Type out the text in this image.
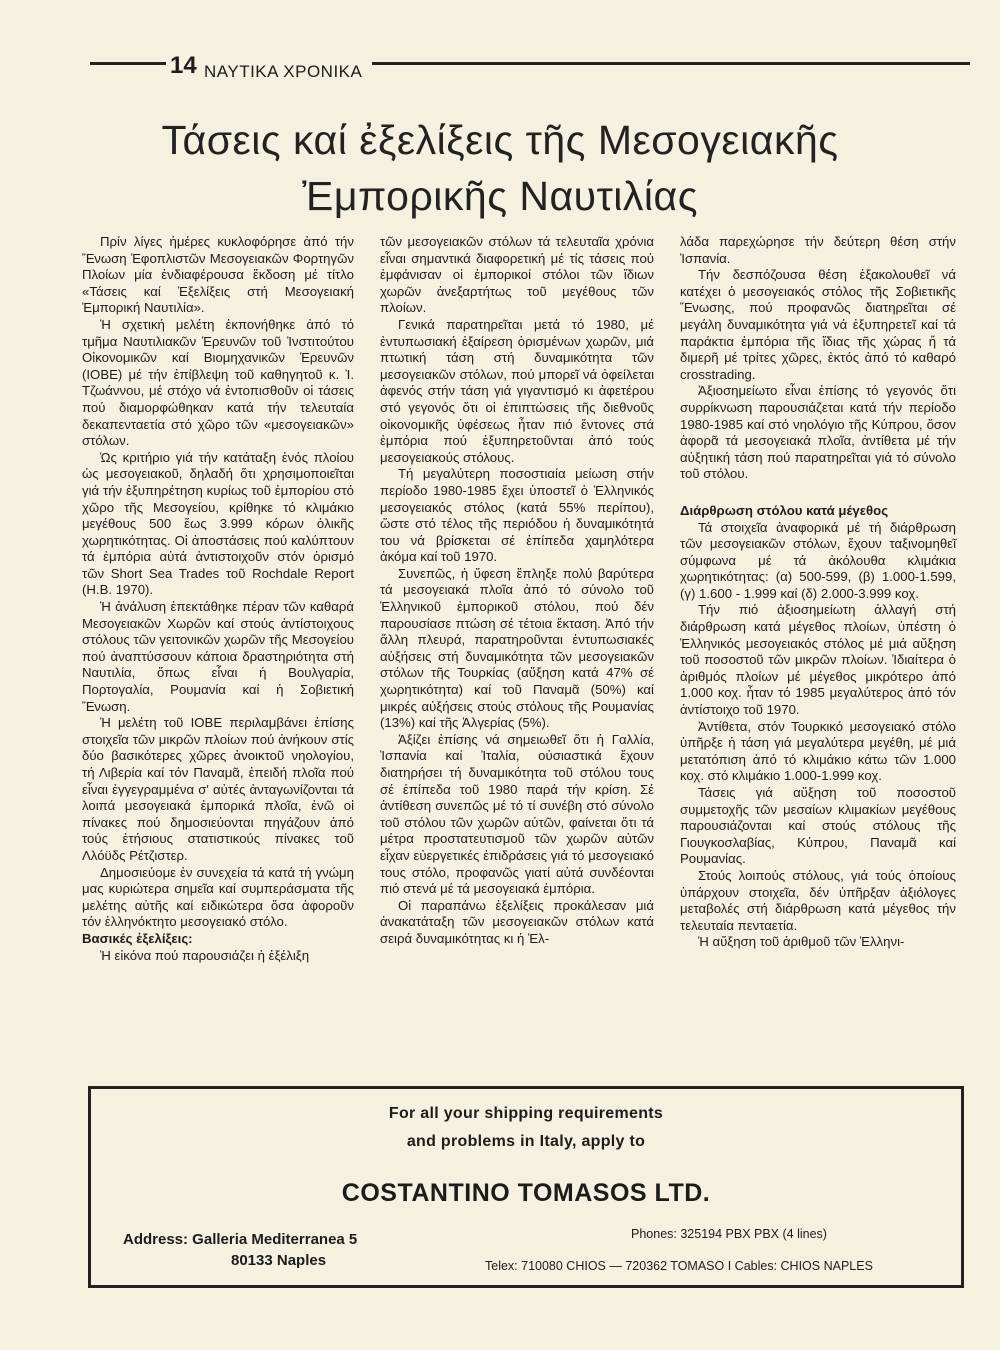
14 ΝΑΥΤΙΚΑ ΧΡΟΝΙΚΑ
Τάσεις καί ἐξελίξεις τῆς Μεσογειακῆς
Ἐμπορικῆς Ναυτιλίας

Πρίν λίγες ἡμέρες κυκλοφόρησε ἀπό τήν Ἕνωση Ἐφοπλιστῶν Μεσογειακῶν Φορτηγῶν Πλοίων μία ἐνδιαφέρουσα ἔκδοση μέ τίτλο «Τάσεις καί Ἐξελίξεις στή Μεσογειακή Ἐμπορική Ναυτιλία».

Ἡ σχετική μελέτη ἐκπονήθηκε ἀπό τό τμῆμα Ναυτιλιακῶν Ἐρευνῶν τοῦ Ἰνστιτούτου Οἰκονομικῶν καί Βιομηχανικῶν Ἐρευνῶν (ΙΟΒΕ) μέ τήν ἐπίβλεψη τοῦ καθηγητοῦ κ. Ἰ. Τζωάννου, μέ στόχο νά ἐντοπισθοῦν οἱ τάσεις πού διαμορφώθηκαν κατά τήν τελευταία δεκαπενταετία στό χῶρο τῶν «μεσογειακῶν» στόλων.

Ὡς κριτήριο γιά τήν κατάταξη ἑνός πλοίου ὡς μεσογειακοῦ, δηλαδή ὅτι χρησιμοποιεῖται γιά τήν ἐξυπηρέτηση κυρίως τοῦ ἐμπορίου στό χῶρο τῆς Μεσογείου, κρίθηκε τό κλιμάκιο μεγέθους 500 ἕως 3.999 κόρων ὁλικῆς χωρητικότητας. Οἱ ἀποστάσεις πού καλύπτουν τά ἐμπόρια αὐτά ἀντιστοιχοῦν στόν ὁρισμό τῶν Short Sea Trades τοῦ Rochdale Report (H.B. 1970).

Ἡ ἀνάλυση ἐπεκτάθηκε πέραν τῶν καθαρά Μεσογειακῶν Χωρῶν καί στούς ἀντίστοιχους στόλους τῶν γειτονικῶν χωρῶν τῆς Μεσογείου πού ἀναπτύσσουν κάποια δραστηριότητα στή Ναυτιλία, ὅπως εἶναι ἡ Βουλγαρία, Πορτογαλία, Ρουμανία καί ἡ Σοβιετική Ἕνωση.

Ἡ μελέτη τοῦ ΙΟΒΕ περιλαμβάνει ἐπίσης στοιχεῖα τῶν μικρῶν πλοίων πού ἀνήκουν στίς δύο βασικότερες χῶρες ἀνοικτοῦ νηολογίου, τή Λιβερία καί τόν Παναμᾶ, ἐπειδή πλοῖα πού εἶναι ἐγγεγραμμένα σ' αὐτές ἀνταγωνίζονται τά λοιπά μεσογειακά ἐμπορικά πλοῖα, ἐνῶ οἱ πίνακες πού δημοσιεύονται πηγάζουν ἀπό τούς ἐτήσιους στατιστικούς πίνακες τοῦ Λλόϋδς Ρέτζιστερ.

Δημοσιεύομε ἐν συνεχεία τά κατά τή γνώμη μας κυριώτερα σημεῖα καί συμπεράσματα τῆς μελέτης αὐτῆς καί ειδικώτερα ὅσα ἀφοροῦν τόν ἑλληνόκτητο μεσογειακό στόλο.

Βασικές ἐξελίξεις:

Ἡ εἰκόνα πού παρουσιάζει ἡ ἐξέλιξη

τῶν μεσογειακῶν στόλων τά τελευταῖα χρόνια εἶναι σημαντικά διαφορετική μέ τίς τάσεις πού ἐμφάνισαν οἱ ἐμπορικοί στόλοι τῶν ἴδιων χωρῶν ἀνεξαρτήτως τοῦ μεγέθους τῶν πλοίων.

Γενικά παρατηρεῖται μετά τό 1980, μέ ἐντυπωσιακή ἐξαίρεση ὁρισμένων χωρῶν, μιά πτωτική τάση στή δυναμικότητα τῶν μεσογειακῶν στόλων, πού μπορεῖ νά ὀφείλεται ἀφενός στήν τάση γιά γιγαντισμό κι ἀφετέρου στό γεγονός ὅτι οἱ ἐπιπτώσεις τῆς διεθνοῦς οἰκονομικῆς ὑφέσεως ἦταν πιό ἔντονες στά ἐμπόρια πού ἐξυπηρετοῦνται ἀπό τούς μεσογειακούς στόλους.

Τή μεγαλύτερη ποσοστιαία μείωση στήν περίοδο 1980-1985 ἔχει ὑποστεῖ ὁ Ἑλληνικός μεσογειακός στόλος (κατά 55% περίπου), ὥστε στό τέλος τῆς περιόδου ἡ δυναμικότητά του νά βρίσκεται σέ ἐπίπεδα χαμηλότερα ἀκόμα καί τοῦ 1970.

Συνεπῶς, ἡ ὕφεση ἔπληξε πολύ βαρύτερα τά μεσογειακά πλοῖα ἀπό τό σύνολο τοῦ Ἑλληνικοῦ ἐμπορικοῦ στόλου, πού δέν παρουσίασε πτώση σέ τέτοια ἔκταση. Ἀπό τήν ἄλλη πλευρά, παρατηροῦνται ἐντυπωσιακές αὐξήσεις στή δυναμικότητα τῶν μεσογειακῶν στόλων τῆς Τουρκίας (αὔξηση κατά 47% σέ χωρητικότητα) καί τοῦ Παναμᾶ (50%) καί μικρές αὐξήσεις στούς στόλους τῆς Ρουμανίας (13%) καί τῆς Ἀλγερίας (5%).

Ἀξίζει ἐπίσης νά σημειωθεῖ ὅτι ἡ Γαλλία, Ἱσπανία καί Ἰταλία, οὐσιαστικά ἔχουν διατηρήσει τή δυναμικότητα τοῦ στόλου τους σέ ἐπίπεδα τοῦ 1980 παρά τήν κρίση. Σέ ἀντίθεση συνεπῶς μέ τό τί συνέβη στό σύνολο τοῦ στόλου τῶν χωρῶν αὐτῶν, φαίνεται ὅτι τά μέτρα προστατευτισμοῦ τῶν χωρῶν αὐτῶν εἶχαν εὐεργετικές ἐπιδράσεις γιά τό μεσογειακό τους στόλο, προφανῶς γιατί αὐτά συνδέονται πιό στενά μέ τά μεσογειακά ἐμπόρια.

Οἱ παραπάνω ἐξελίξεις προκάλεσαν μιά ἀνακατάταξη τῶν μεσογειακῶν στόλων κατά σειρά δυναμικότητας κι ἡ Ἑλ-

λάδα παρεχώρησε τήν δεύτερη θέση στήν Ἱσπανία.

Τήν δεσπόζουσα θέση ἐξακολουθεῖ νά κατέχει ὁ μεσογειακός στόλος τῆς Σοβιετικῆς Ἕνωσης, πού προφανῶς διατηρεῖται σέ μεγάλη δυναμικότητα γιά νά ἐξυπηρετεῖ καί τά παράκτια ἐμπόρια τῆς ἴδιας τῆς χώρας ἤ τά διμερῆ μέ τρίτες χῶρες, ἐκτός ἀπό τό καθαρό crosstrading.

Ἀξιοσημείωτο εἶναι ἐπίσης τό γεγονός ὅτι συρρίκνωση παρουσιάζεται κατά τήν περίοδο 1980-1985 καί στό νηολόγιο τῆς Κύπρου, ὅσον ἀφορᾶ τά μεσογειακά πλοῖα, ἀντίθετα μέ τήν αὐξητική τάση πού παρατηρεῖται γιά τό σύνολο τοῦ στόλου.

Διάρθρωση στόλου κατά μέγεθος

Τά στοιχεῖα ἀναφορικά μέ τή διάρθρωση τῶν μεσογειακῶν στόλων, ἔχουν ταξινομηθεῖ σύμφωνα μέ τά ἀκόλουθα κλιμάκια χωρητικότητας: (α) 500-599, (β) 1.000-1.599, (γ) 1.600 - 1.999 καί (δ) 2.000-3.999 κοχ.

Τήν πιό ἀξιοσημείωτη ἀλλαγή στή διάρθρωση κατά μέγεθος πλοίων, ὑπέστη ὁ Ἑλληνικός μεσογειακός στόλος μέ μιά αὔξηση τοῦ ποσοστοῦ τῶν μικρῶν πλοίων. Ἰδιαίτερα ὁ ἀριθμός πλοίων μέ μέγεθος μικρότερο ἀπό 1.000 κοχ. ἦταν τό 1985 μεγαλύτερος ἀπό τόν ἀντίστοιχο τοῦ 1970.

Ἀντίθετα, στόν Τουρκικό μεσογειακό στόλο ὑπῆρξε ἡ τάση γιά μεγαλύτερα μεγέθη, μέ μιά μετατόπιση ἀπό τό κλιμάκιο κάτω τῶν 1.000 κοχ. στό κλιμάκιο 1.000-1.999 κοχ.

Τάσεις γιά αὔξηση τοῦ ποσοστοῦ συμμετοχῆς τῶν μεσαίων κλιμακίων μεγέθους παρουσιάζονται καί στούς στόλους τῆς Γιουγκοσλαβίας, Κύπρου, Παναμᾶ καί Ρουμανίας.

Στούς λοιπούς στόλους, γιά τούς ὁποίους ὑπάρχουν στοιχεῖα, δέν ὑπῆρξαν ἀξιόλογες μεταβολές στή διάρθρωση κατά μέγεθος τήν τελευταία πενταετία.

Ἡ αὔξηση τοῦ ἀριθμοῦ τῶν Ἑλληνι-

For all your shipping requirements
and problems in Italy, apply to
COSTANTINO TOMASOS LTD.
Address: Galleria Mediterranea 5
80133 Naples
Phones: 325194 PBX PBX (4 lines)
Telex: 710080 CHIOS — 720362 TOMASO I Cables: CHIOS NAPLES
